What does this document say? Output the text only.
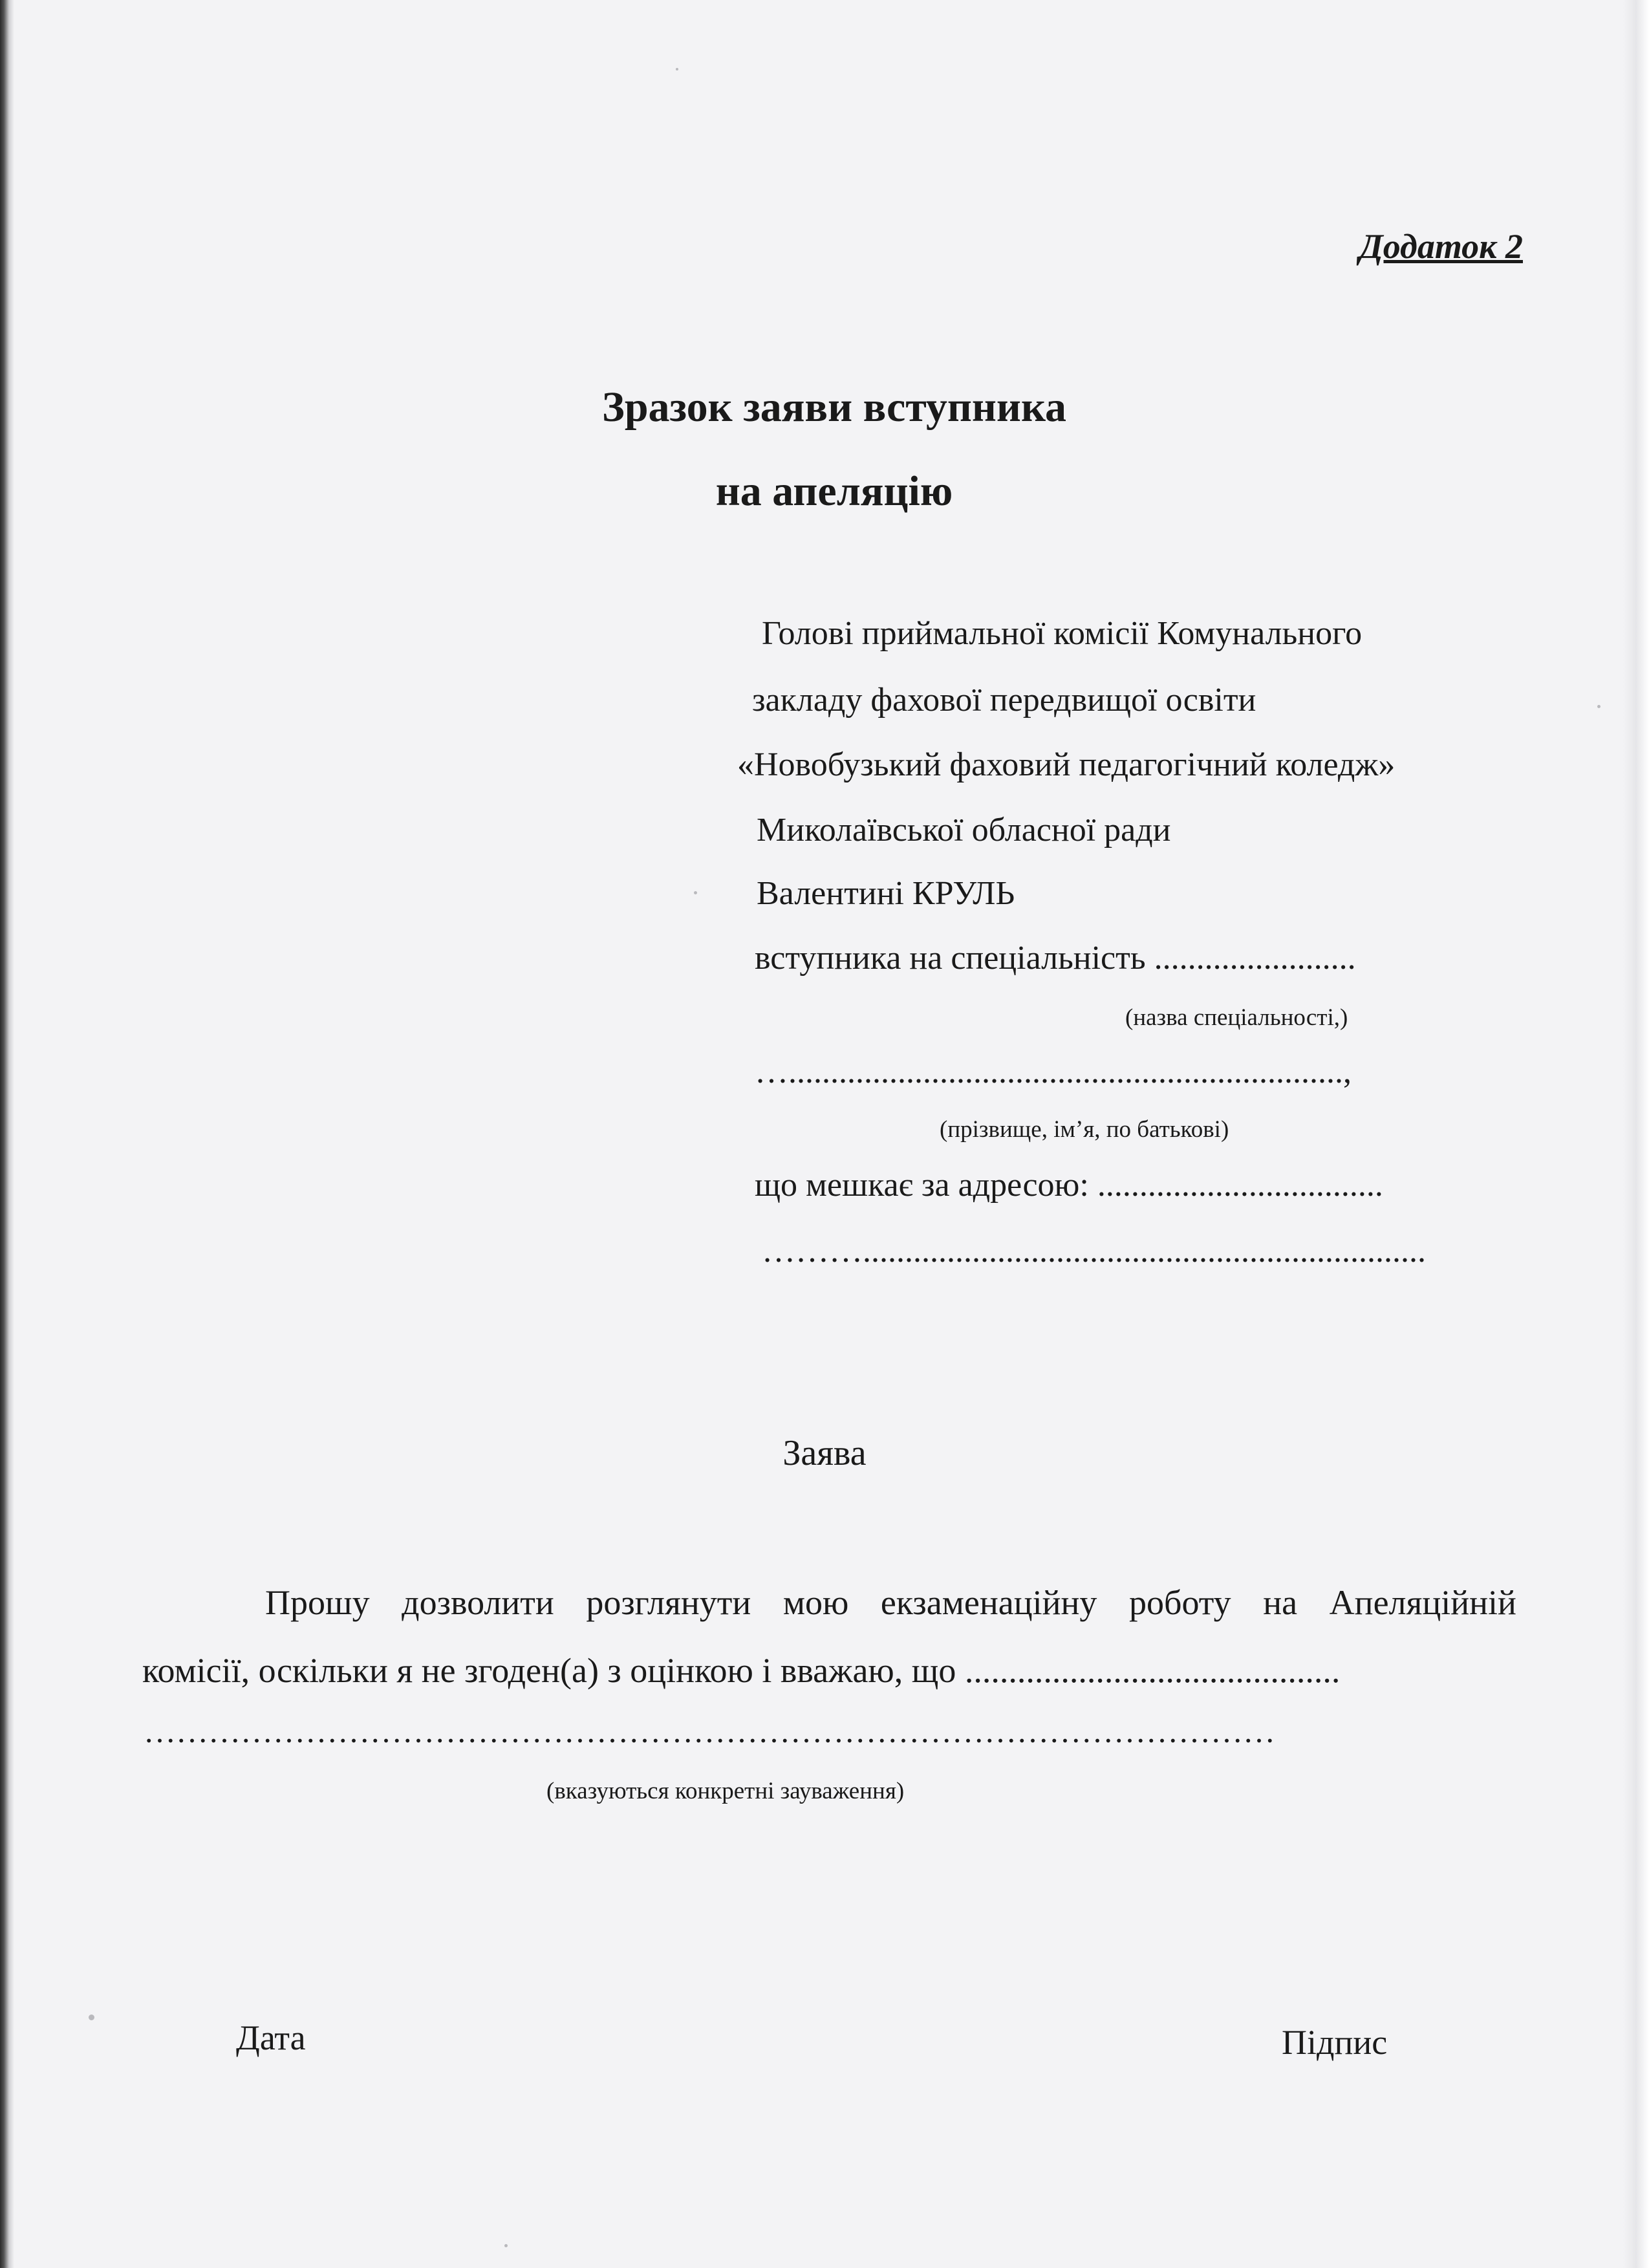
Додаток 2
Зразок заяви вступника
на апеляцію
Голові приймальної комісії Комунального
закладу фахової передвищої освіти
«Новобузький фаховий педагогічний коледж»
Миколаївської обласної ради
Валентині КРУЛЬ
вступника на спеціальність ........................
(назва спеціальності,)
…..................................................................,
(прізвище, ім’я, по батькові)
що мешкає за адресою: ..................................
………...................................................................
Заява
Прошу дозволити розглянути мою екзаменаційну роботу на Апеляційній
комісії, оскільки я не згоден(а) з оцінкою і вважаю, що ...........................................
……………………………………………………………………………………………
(вказуються конкретні зауваження)
Дата	Підпис
